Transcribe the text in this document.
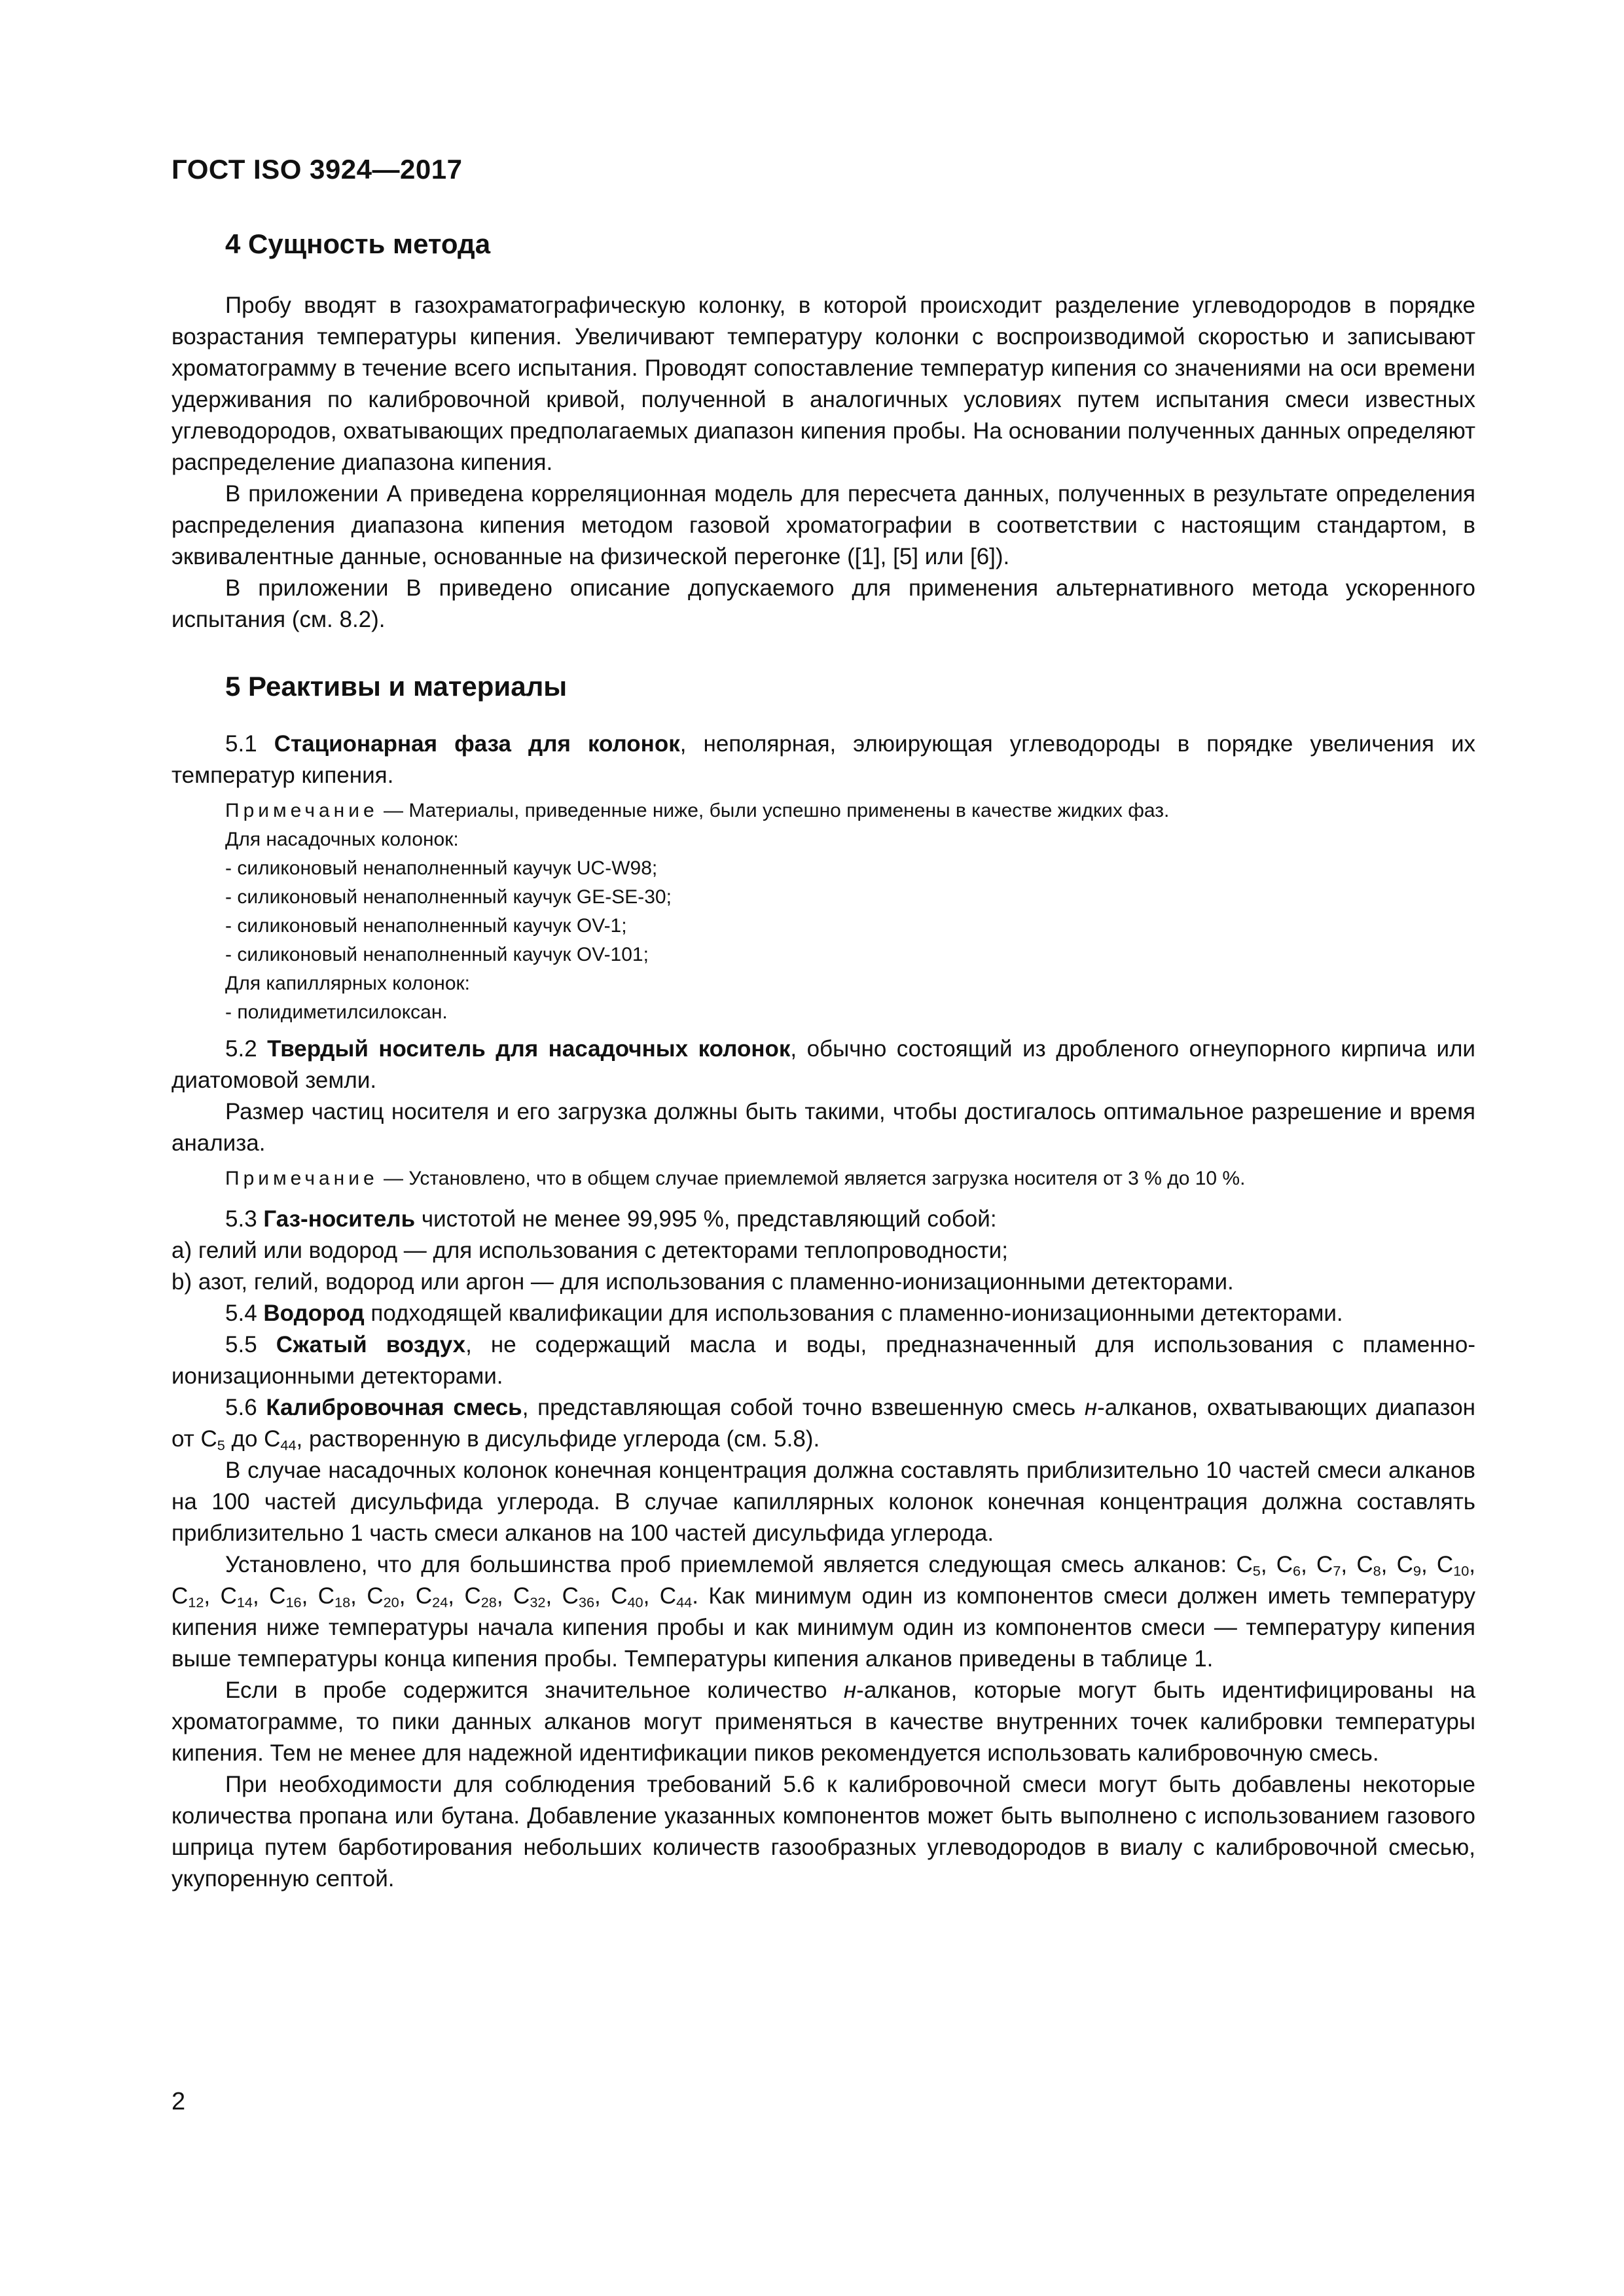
ГОСТ ISO 3924—2017
4 Сущность метода

Пробу вводят в газохраматографическую колонку, в которой происходит разделение углеводородов в порядке возрастания температуры кипения. Увеличивают температуру колонки с воспроизводимой скоростью и записывают хроматограмму в течение всего испытания. Проводят сопоставление температур кипения со значениями на оси времени удерживания по калибровочной кривой, полученной в аналогичных условиях путем испытания смеси известных углеводородов, охватывающих предполагаемых диапазон кипения пробы. На основании полученных данных определяют распределение диапазона кипения.

В приложении А приведена корреляционная модель для пересчета данных, полученных в результате определения распределения диапазона кипения методом газовой хроматографии в соответствии с настоящим стандартом, в эквивалентные данные, основанные на физической перегонке ([1], [5] или [6]).

В приложении В приведено описание допускаемого для применения альтернативного метода ускоренного испытания (см. 8.2).

5 Реактивы и материалы

5.1 Стационарная фаза для колонок, неполярная, элюирующая углеводороды в порядке увеличения их температур кипения.

Примечание — Материалы, приведенные ниже, были успешно применены в качестве жидких фаз.
Для насадочных колонок:
- силиконовый ненаполненный каучук UC-W98;
- силиконовый ненаполненный каучук GE-SE-30;
- силиконовый ненаполненный каучук OV-1;
- силиконовый ненаполненный каучук OV-101;
Для капиллярных колонок:
- полидиметилсилоксан.

5.2 Твердый носитель для насадочных колонок, обычно состоящий из дробленого огнеупорного кирпича или диатомовой земли.

Размер частиц носителя и его загрузка должны быть такими, чтобы достигалось оптимальное разрешение и время анализа.

Примечание — Установлено, что в общем случае приемлемой является загрузка носителя от 3 % до 10 %.

5.3 Газ-носитель чистотой не менее 99,995 %, представляющий собой:

а) гелий или водород — для использования с детекторами теплопроводности;

b) азот, гелий, водород или аргон — для использования с пламенно-ионизационными детекторами.

5.4 Водород подходящей квалификации для использования с пламенно-ионизационными детекторами.

5.5 Сжатый воздух, не содержащий масла и воды, предназначенный для использования с пламенно-ионизационными детекторами.

5.6 Калибровочная смесь, представляющая собой точно взвешенную смесь н-алканов, охватывающих диапазон от $С_5$ до $С_{44}$, растворенную в дисульфиде углерода (см. 5.8).

В случае насадочных колонок конечная концентрация должна составлять приблизительно 10 частей смеси алканов на 100 частей дисульфида углерода. В случае капиллярных колонок конечная концентрация должна составлять приблизительно 1 часть смеси алканов на 100 частей дисульфида углерода.

Установлено, что для большинства проб приемлемой является следующая смесь алканов: $С_5$, $С_6$, $С_7$, $С_8$, $С_9$, $С_{10}$, $С_{12}$, $С_{14}$, $С_{16}$, $С_{18}$, $С_{20}$, $С_{24}$, $С_{28}$, $С_{32}$, $С_{36}$, $С_{40}$, $С_{44}$. Как минимум один из компонентов смеси должен иметь температуру кипения ниже температуры начала кипения пробы и как минимум один из компонентов смеси — температуру кипения выше температуры конца кипения пробы. Температуры кипения алканов приведены в таблице 1.

Если в пробе содержится значительное количество н-алканов, которые могут быть идентифицированы на хроматограмме, то пики данных алканов могут применяться в качестве внутренних точек калибровки температуры кипения. Тем не менее для надежной идентификации пиков рекомендуется использовать калибровочную смесь.

При необходимости для соблюдения требований 5.6 к калибровочной смеси могут быть добавлены некоторые количества пропана или бутана. Добавление указанных компонентов может быть выполнено с использованием газового шприца путем барботирования небольших количеств газообразных углеводородов в виалу с калибровочной смесью, укупоренную септой.

2
